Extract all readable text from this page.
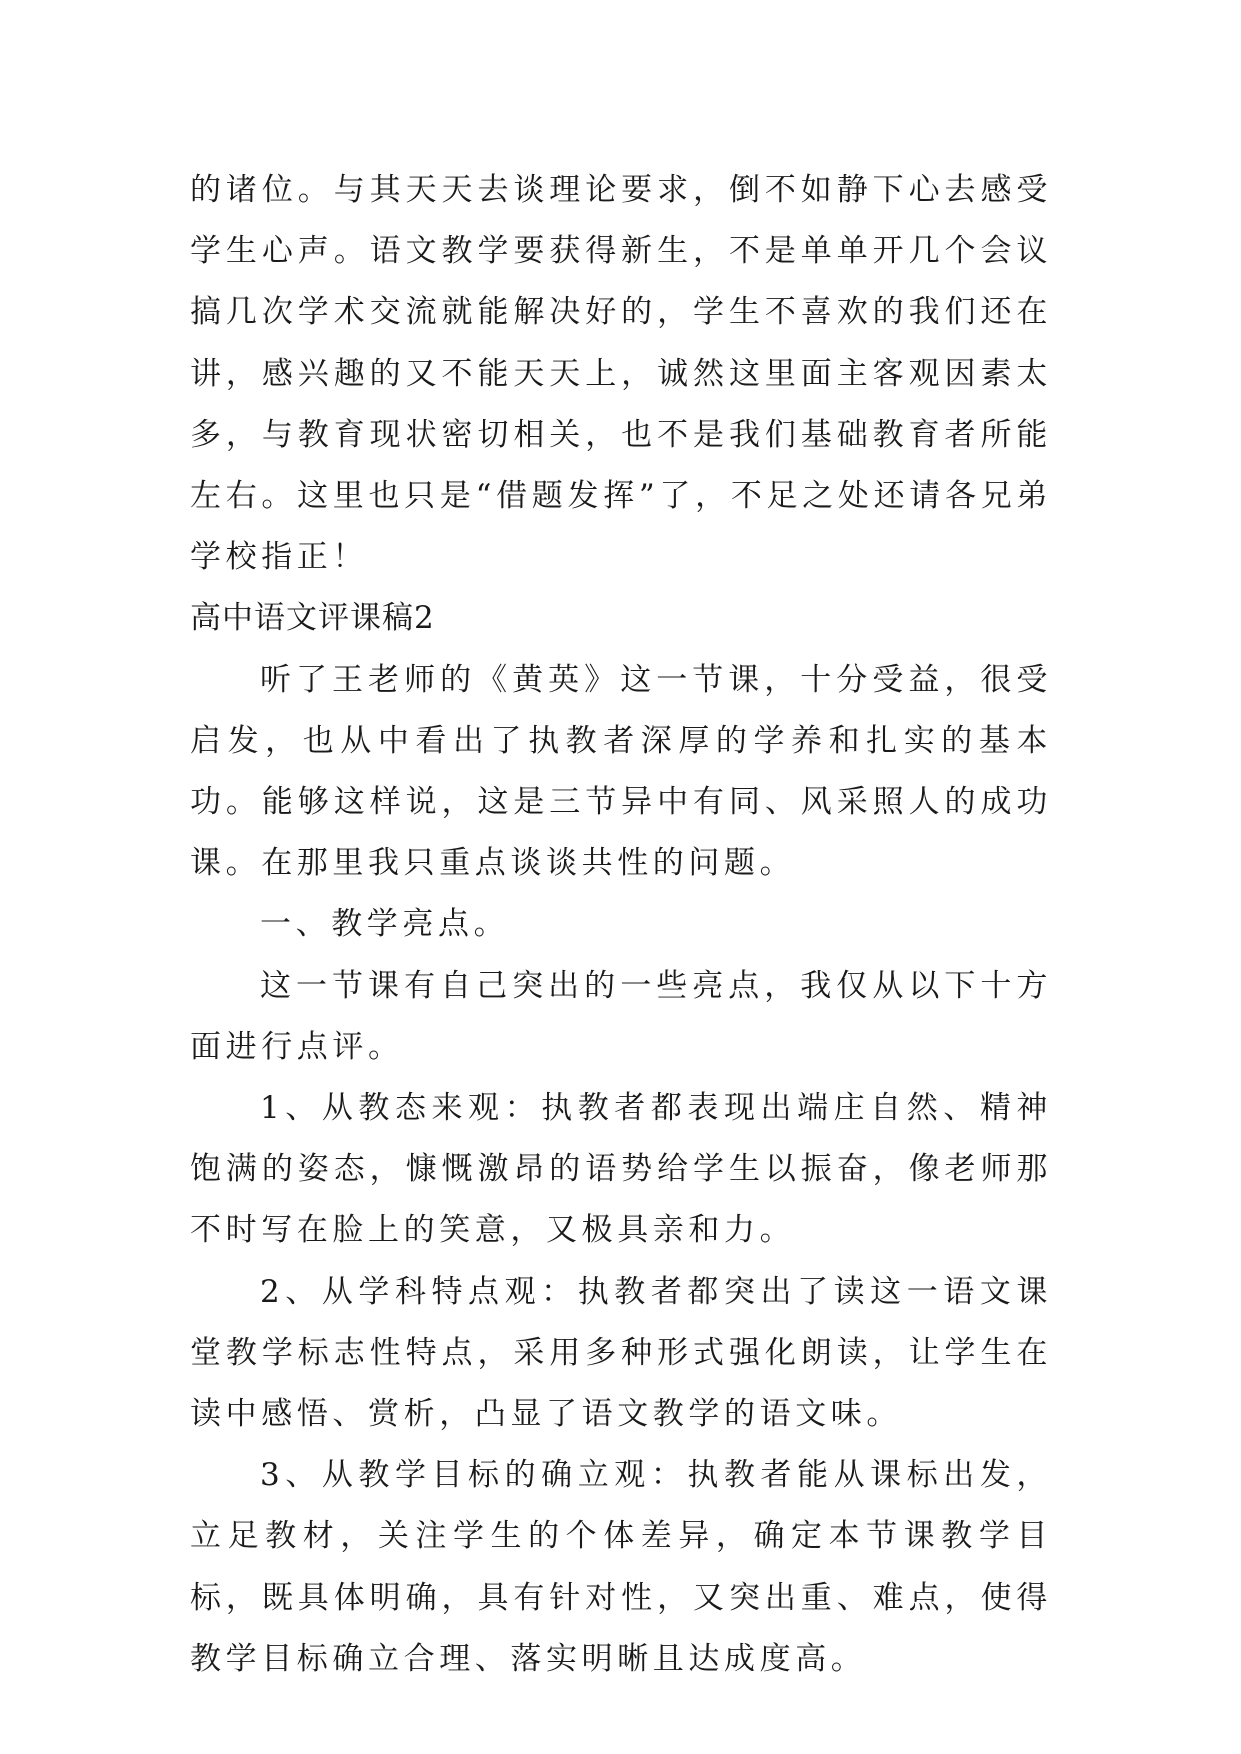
的诸位。与其天天去谈理论要求，倒不如静下心去感受学生心声。语文教学要获得新生，不是单单开几个会议搞几次学术交流就能解决好的，学生不喜欢的我们还在讲，感兴趣的又不能天天上，诚然这里面主客观因素太多，与教育现状密切相关，也不是我们基础教育者所能左右。这里也只是“借题发挥”了，不足之处还请各兄弟学校指正！

高中语文评课稿2

听了王老师的《黄英》这一节课，十分受益，很受启发，也从中看出了执教者深厚的学养和扎实的基本功。能够这样说，这是三节异中有同、风采照人的成功课。在那里我只重点谈谈共性的问题。

一、教学亮点。

这一节课有自己突出的一些亮点，我仅从以下十方面进行点评。

1、从教态来观：执教者都表现出端庄自然、精神饱满的姿态，慷慨激昂的语势给学生以振奋，像老师那不时写在脸上的笑意，又极具亲和力。

2、从学科特点观：执教者都突出了读这一语文课堂教学标志性特点，采用多种形式强化朗读，让学生在读中感悟、赏析，凸显了语文教学的语文味。

3、从教学目标的确立观：执教者能从课标出发，立足教材，关注学生的个体差异，确定本节课教学目标，既具体明确，具有针对性，又突出重、难点，使得教学目标确立合理、落实明晰且达成度高。
